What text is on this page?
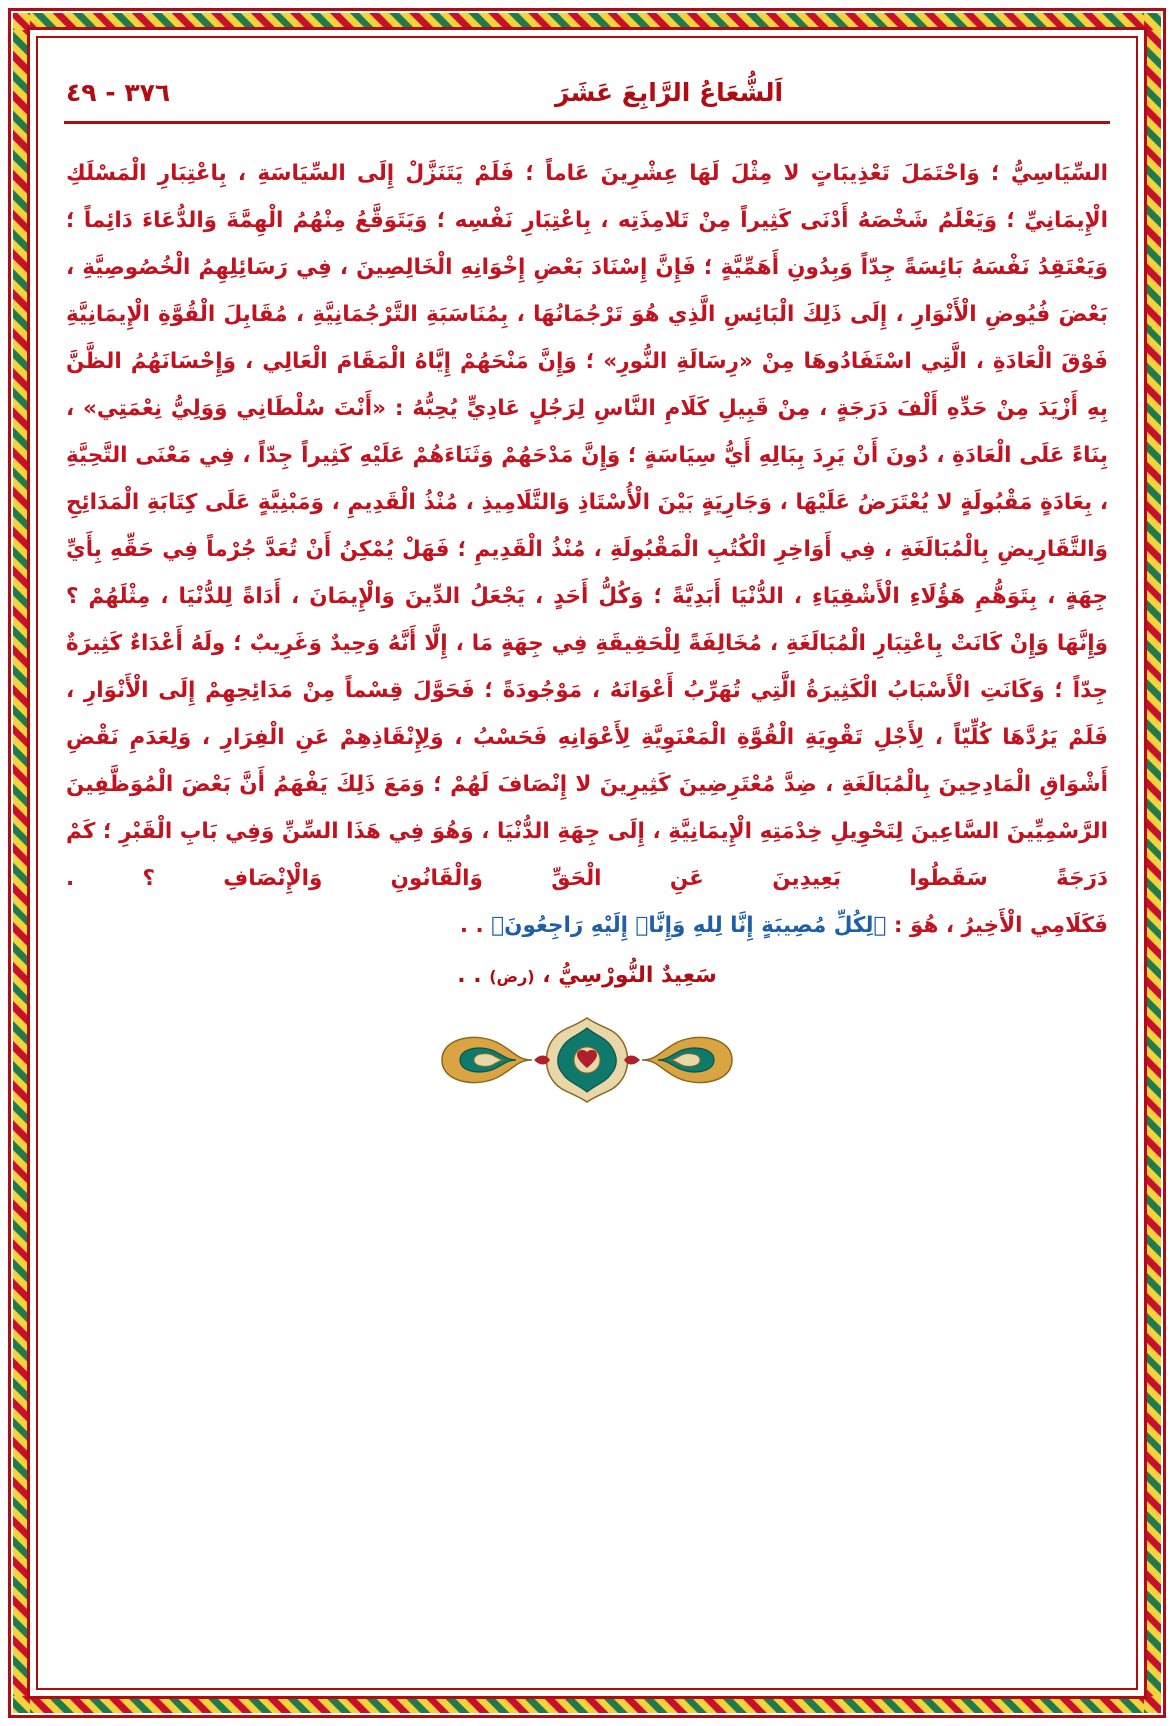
اَلشُّعَاعُ الرَّابِعَ عَشَرَ
٣٧٦ - ٤٩

السِّيَاسِيُّ ؛ وَاحْتَمَلَ تَعْذِيبَاتٍ لا مِثْلَ لَهَا عِشْرِينَ عَاماً ؛ فَلَمْ يَتَنَزَّلْ إِلَى السِّيَاسَةِ ، بِاعْتِبَارِ الْمَسْلَكِ الْإِيمَانِيِّ ؛ وَيَعْلَمُ شَخْصَهُ أَدْنَى كَثِيراً مِنْ تَلامِذَتِه ، بِاعْتِبَارِ نَفْسِه ؛ وَيَتَوَقَّعُ مِنْهُمُ الْهِمَّةَ وَالدُّعَاءَ دَائِماً ؛ وَيَعْتَقِدُ نَفْسَهُ بَائِسَةً جِدّاً وَبِدُونِ أَهَمِّيَّةٍ ؛ فَإِنَّ إِسْنَادَ بَعْضِ إِخْوَانِهِ الْخَالِصِينَ ، فِي رَسَائِلِهِمُ الْخُصُوصِيَّةِ ، بَعْضَ فُيُوضِ الْأَنْوَارِ ، إِلَى ذَلِكَ الْبَائِسِ الَّذِي هُوَ تَرْجُمَانُهَا ، بِمُنَاسَبَةِ التَّرْجُمَانِيَّةِ ، مُقَابِلَ الْقُوَّةِ الْإِيمَانِيَّةِ فَوْقَ الْعَادَةِ ، الَّتِي اسْتَفَادُوهَا مِنْ «رِسَالَةِ النُّورِ» ؛ وَإِنَّ مَنْحَهُمْ إِيَّاهُ الْمَقَامَ الْعَالِي ، وَإِحْسَانَهُمُ الظَّنَّ بِهِ أَزْيَدَ مِنْ حَدِّهِ أَلْفَ دَرَجَةٍ ، مِنْ قَبِيلِ كَلَامِ النَّاسِ لِرَجُلٍ عَادِيٍّ يُحِبُّهُ : «أَنْتَ سُلْطَانِي وَوَلِيُّ نِعْمَتِي» ، بِنَاءً عَلَى الْعَادَةِ ، دُونَ أَنْ يَرِدَ بِبَالِهِ أَيُّ سِيَاسَةٍ ؛ وَإِنَّ مَدْحَهُمْ وَثَنَاءَهُمْ عَلَيْهِ كَثِيراً جِدّاً ، فِي مَعْنَى التَّحِيَّةِ ، بِعَادَةٍ مَقْبُولَةٍ لا يُعْتَرَضُ عَلَيْهَا ، وَجَارِيَةٍ بَيْنَ الْأُسْتَاذِ وَالتَّلَامِيذِ ، مُنْذُ الْقَدِيمِ ، وَمَبْنِيَّةٍ عَلَى كِتَابَةِ الْمَدَائِحِ وَالتَّقَارِيضِ بِالْمُبَالَغَةِ ، فِي أَوَاخِرِ الْكُتُبِ الْمَقْبُولَةِ ، مُنْذُ الْقَدِيمِ ؛ فَهَلْ يُمْكِنُ أَنْ تُعَدَّ جُرْماً فِي حَقِّهِ بِأَيِّ جِهَةٍ ، بِتَوَهُّمِ هَؤُلَاءِ الْأَشْقِيَاءِ ، الدُّنْيَا أَبَدِيَّةً ؛ وَكُلُّ أَحَدٍ ، يَجْعَلُ الدِّينَ وَالْإِيمَانَ ، أَدَاةً لِلدُّنْيَا ، مِثْلَهُمْ ؟ وَإِنَّهَا وَإِنْ كَانَتْ بِاعْتِبَارِ الْمُبَالَغَةِ ، مُخَالِفَةً لِلْحَقِيقَةِ فِي جِهَةٍ مَا ، إِلَّا أَنَّهُ وَحِيدٌ وَغَرِيبٌ ؛ ولَهُ أَعْدَاءٌ كَثِيرَةٌ جِدّاً ؛ وَكَانَتِ الْأَسْبَابُ الْكَثِيرَةُ الَّتِي تُهَرِّبُ أَعْوَانَهُ ، مَوْجُودَةً ؛ فَحَوَّلَ قِسْماً مِنْ مَدَائِحِهِمْ إِلَى الْأَنْوَارِ ، فَلَمْ يَرُدَّهَا كُلِّيّاً ، لِأَجْلِ تَقْوِيَةِ الْقُوَّةِ الْمَعْنَوِيَّةِ لِأَعْوَانِهِ فَحَسْبُ ، وَلِإِنْقَاذِهِمْ عَنِ الْفِرَارِ ، وَلِعَدَمِ نَقْضِ أَشْوَاقِ الْمَادِحِينَ بِالْمُبَالَغَةِ ، ضِدَّ مُعْتَرِضِينَ كَثِيرِينَ لا إِنْصَافَ لَهُمْ ؛ وَمَعَ ذَلِكَ يَفْهَمُ أَنَّ بَعْضَ الْمُوَظَّفِينَ الرَّسْمِيِّينَ السَّاعِينَ لِتَحْوِيلِ خِدْمَتِهِ الْإِيمَانِيَّةِ ، إِلَى جِهَةِ الدُّنْيَا ، وَهُوَ فِي هَذَا السِّنِّ وَفِي بَابِ الْقَبْرِ ؛ كَمْ دَرَجَةً سَقَطُوا بَعِيدِينَ عَنِ الْحَقِّ وَالْقَانُونِ وَالْإِنْصَافِ ؟ .

فَكَلَامِي الْأَخِيرُ ، هُوَ : ﴿لِكُلِّ مُصِيبَةٍ إِنَّا لِلهِ وَإِنَّاۤ إِلَيْهِ رَاجِعُونَ﴾ . .

سَعِيدٌ النُّورْسِيُّ ، (رض) . .
